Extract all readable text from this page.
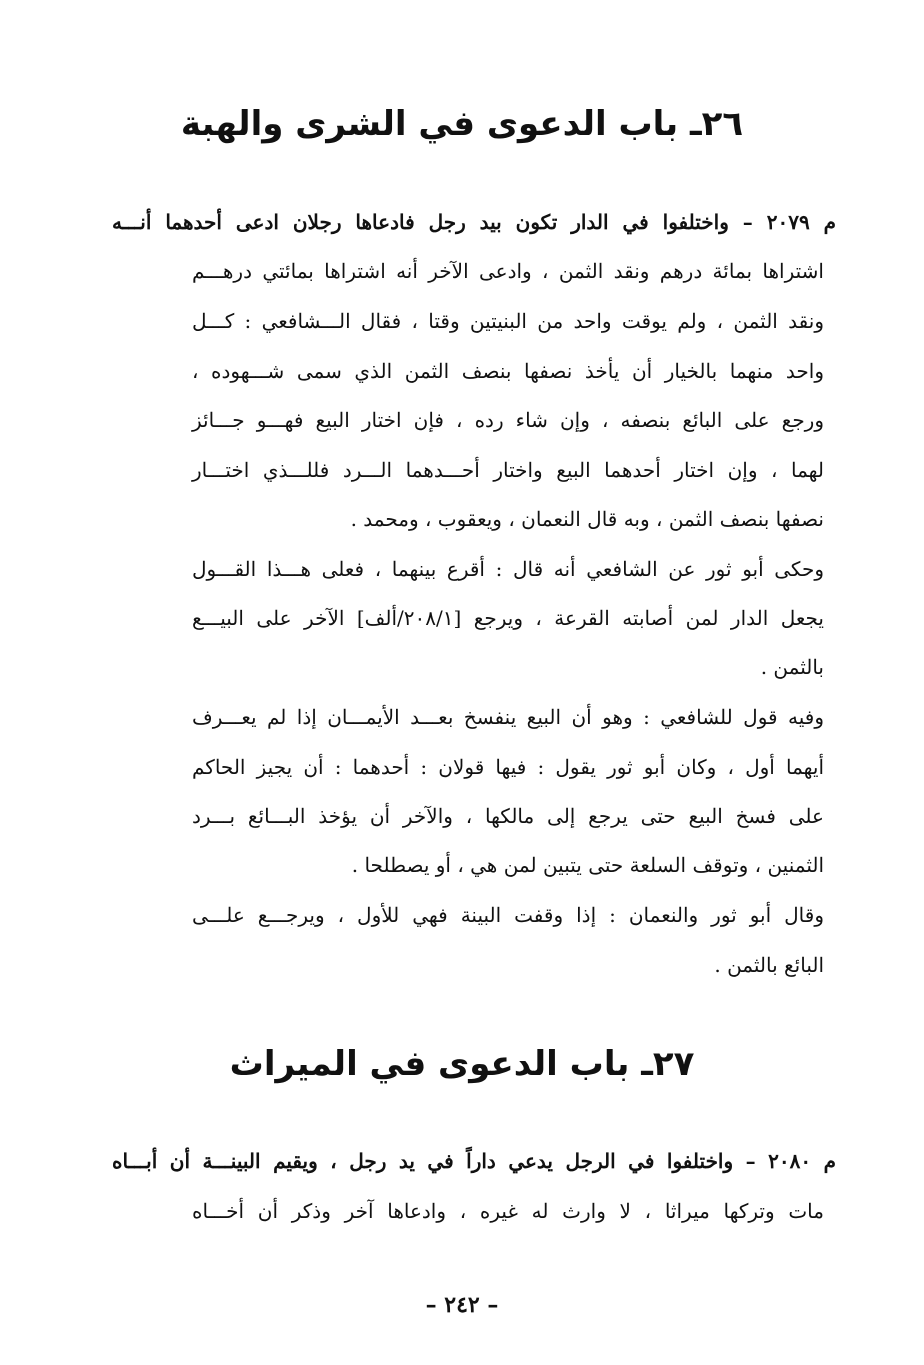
٢٦ـ باب الدعوى في الشرى والهبة
م ٢٠٧٩ – واختلفوا في الدار تكون بيد رجل فادعاها رجلان ادعى أحدهما أنـــه
اشتراها بمائة درهم ونقد الثمن ، وادعى الآخر أنه اشتراها بمائتي درهـــم
ونقد الثمن ، ولم يوقت واحد من البنيتين وقتا ، فقال الـــشافعي : كـــل
واحد منهما بالخيار أن يأخذ نصفها بنصف الثمن الذي سمى شـــهوده ،
ورجع على البائع بنصفه ، وإن شاء رده ، فإن اختار البيع فهـــو جـــائز
لهما ، وإن اختار أحدهما البيع واختار أحـــدهما الـــرد فللـــذي اختـــار
نصفها بنصف الثمن ، وبه قال النعمان ، ويعقوب ، ومحمد .
وحكى أبو ثور عن الشافعي أنه قال : أقرع بينهما ، فعلى هـــذا القـــول
يجعل الدار لمن أصابته القرعة ، ويرجع [٢٠٨/١/ألف] الآخر على البيـــع
بالثمن .
وفيه قول للشافعي : وهو أن البيع ينفسخ بعـــد الأيمـــان إذا لم يعـــرف
أيهما أول ، وكان أبو ثور يقول : فيها قولان : أحدهما : أن يجيز الحاكم
على فسخ البيع حتى يرجع إلى مالكها ، والآخر أن يؤخذ البـــائع بـــرد
الثمنين ، وتوقف السلعة حتى يتبين لمن هي ، أو يصطلحا .
وقال أبو ثور والنعمان : إذا وقفت البينة فهي للأول ، ويرجـــع علـــى
البائع بالثمن .
٢٧ـ باب الدعوى في الميراث
م ٢٠٨٠ – واختلفوا في الرجل يدعي داراً في يد رجل ، ويقيم البينـــة أن أبـــاه
مات وتركها ميراثا ، لا وارث له غيره ، وادعاها آخر وذكر أن أخـــاه
– ٢٤٢ –
